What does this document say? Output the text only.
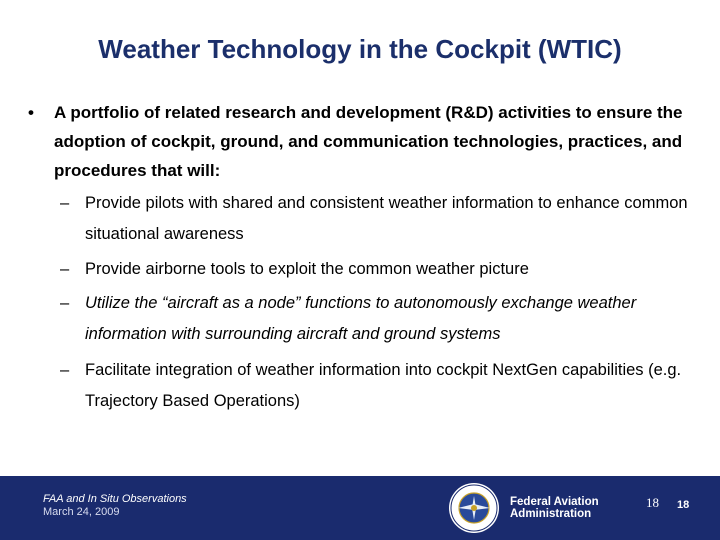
Weather Technology in the Cockpit (WTIC)
• A portfolio of related research and development (R&D) activities to ensure the adoption of cockpit, ground, and communication technologies, practices, and procedures that will:
– Provide pilots with shared and consistent weather information to enhance common situational awareness
– Provide airborne tools to exploit the common weather picture
– Utilize the “aircraft as a node” functions to autonomously exchange weather information with surrounding aircraft and ground systems
– Facilitate integration of weather information into cockpit NextGen capabilities (e.g. Trajectory Based Operations)
FAA and In Situ Observations
March 24, 2009
Federal Aviation
Administration
18 18
